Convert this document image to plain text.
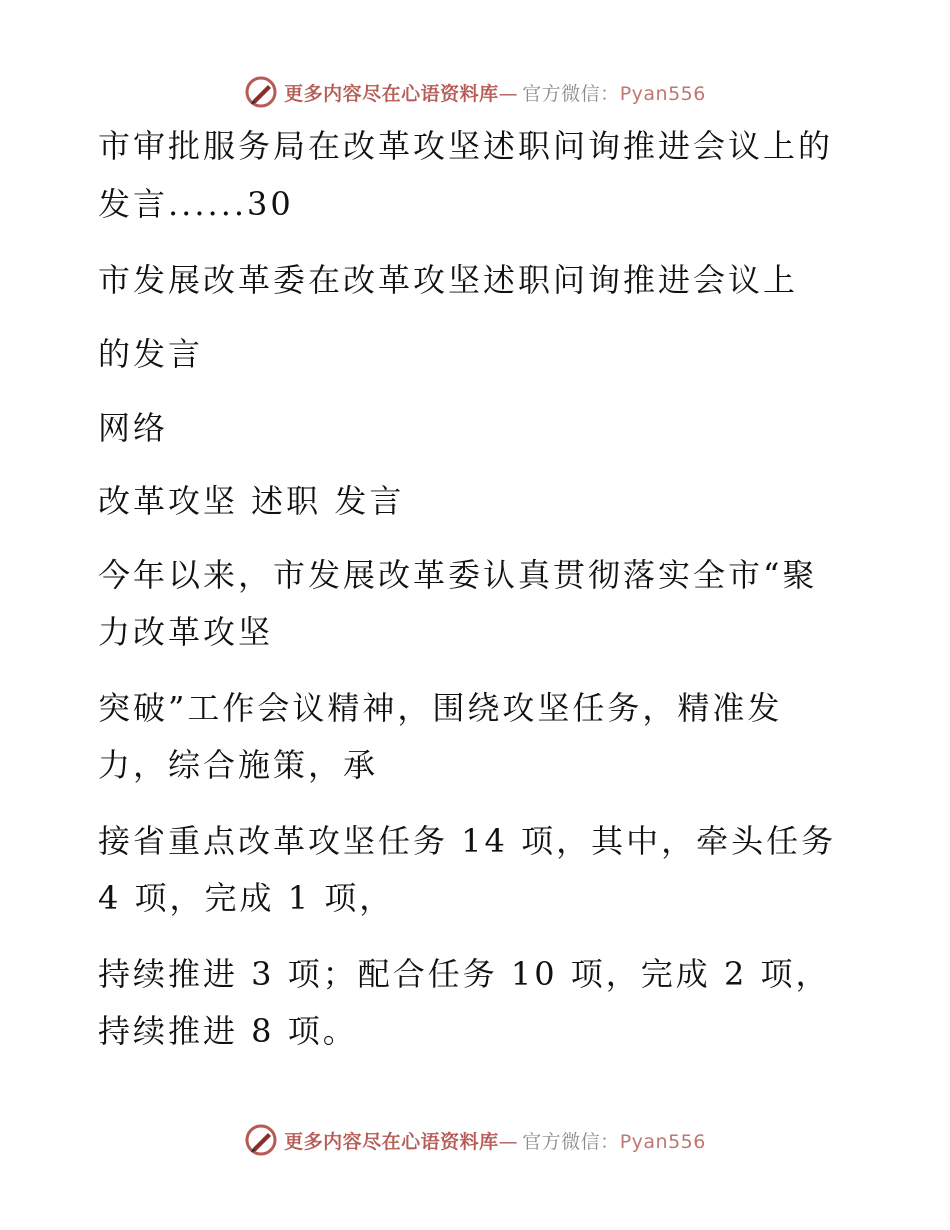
更多内容尽在心语资料库— 官方微信：Pyan556
市审批服务局在改革攻坚述职问询推进会议上的
发言......30
市发展改革委在改革攻坚述职问询推进会议上
的发言
网络
改革攻坚 述职 发言
今年以来，市发展改革委认真贯彻落实全市“聚
力改革攻坚
突破”工作会议精神，围绕攻坚任务，精准发
力，综合施策，承
接省重点改革攻坚任务 14 项，其中，牵头任务
4 项，完成 1 项，
持续推进 3 项；配合任务 10 项，完成 2 项，
持续推进 8 项。
更多内容尽在心语资料库— 官方微信：Pyan556
